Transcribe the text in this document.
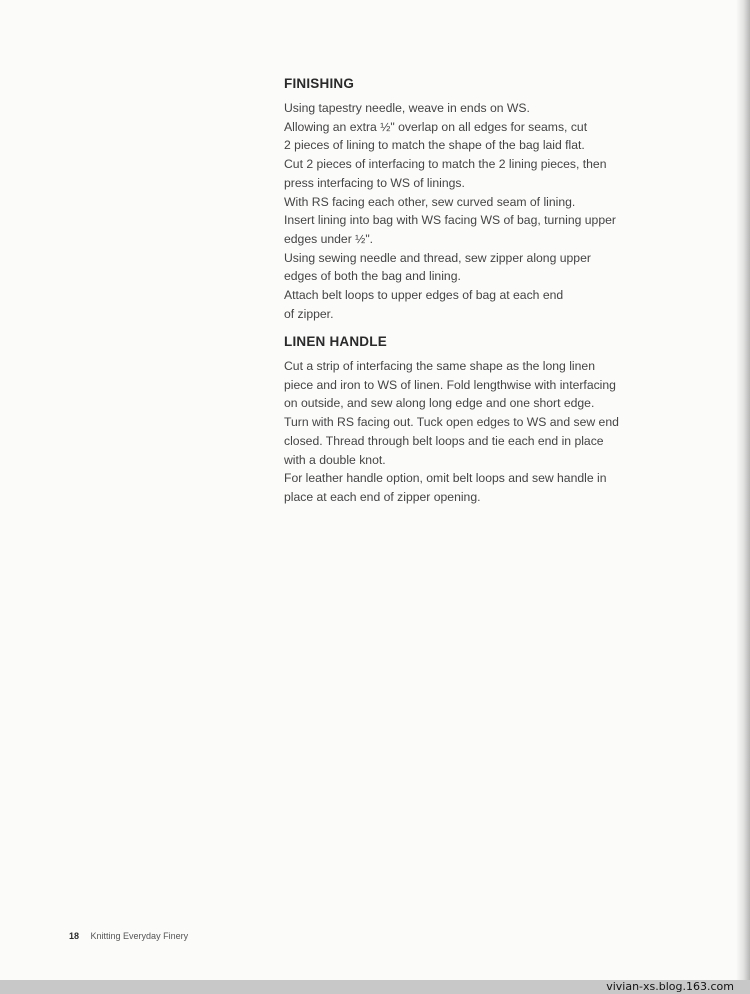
FINISHING
Using tapestry needle, weave in ends on WS.
Allowing an extra ½" overlap on all edges for seams, cut
2 pieces of lining to match the shape of the bag laid flat.
Cut 2 pieces of interfacing to match the 2 lining pieces, then
press interfacing to WS of linings.
With RS facing each other, sew curved seam of lining.
Insert lining into bag with WS facing WS of bag, turning upper
edges under ½".
Using sewing needle and thread, sew zipper along upper
edges of both the bag and lining.
Attach belt loops to upper edges of bag at each end
of zipper.
LINEN HANDLE
Cut a strip of interfacing the same shape as the long linen
piece and iron to WS of linen. Fold lengthwise with interfacing
on outside, and sew along long edge and one short edge.
Turn with RS facing out. Tuck open edges to WS and sew end
closed. Thread through belt loops and tie each end in place
with a double knot.
For leather handle option, omit belt loops and sew handle in
place at each end of zipper opening.
18 Knitting Everyday Finery
vivian-xs.blog.163.com
